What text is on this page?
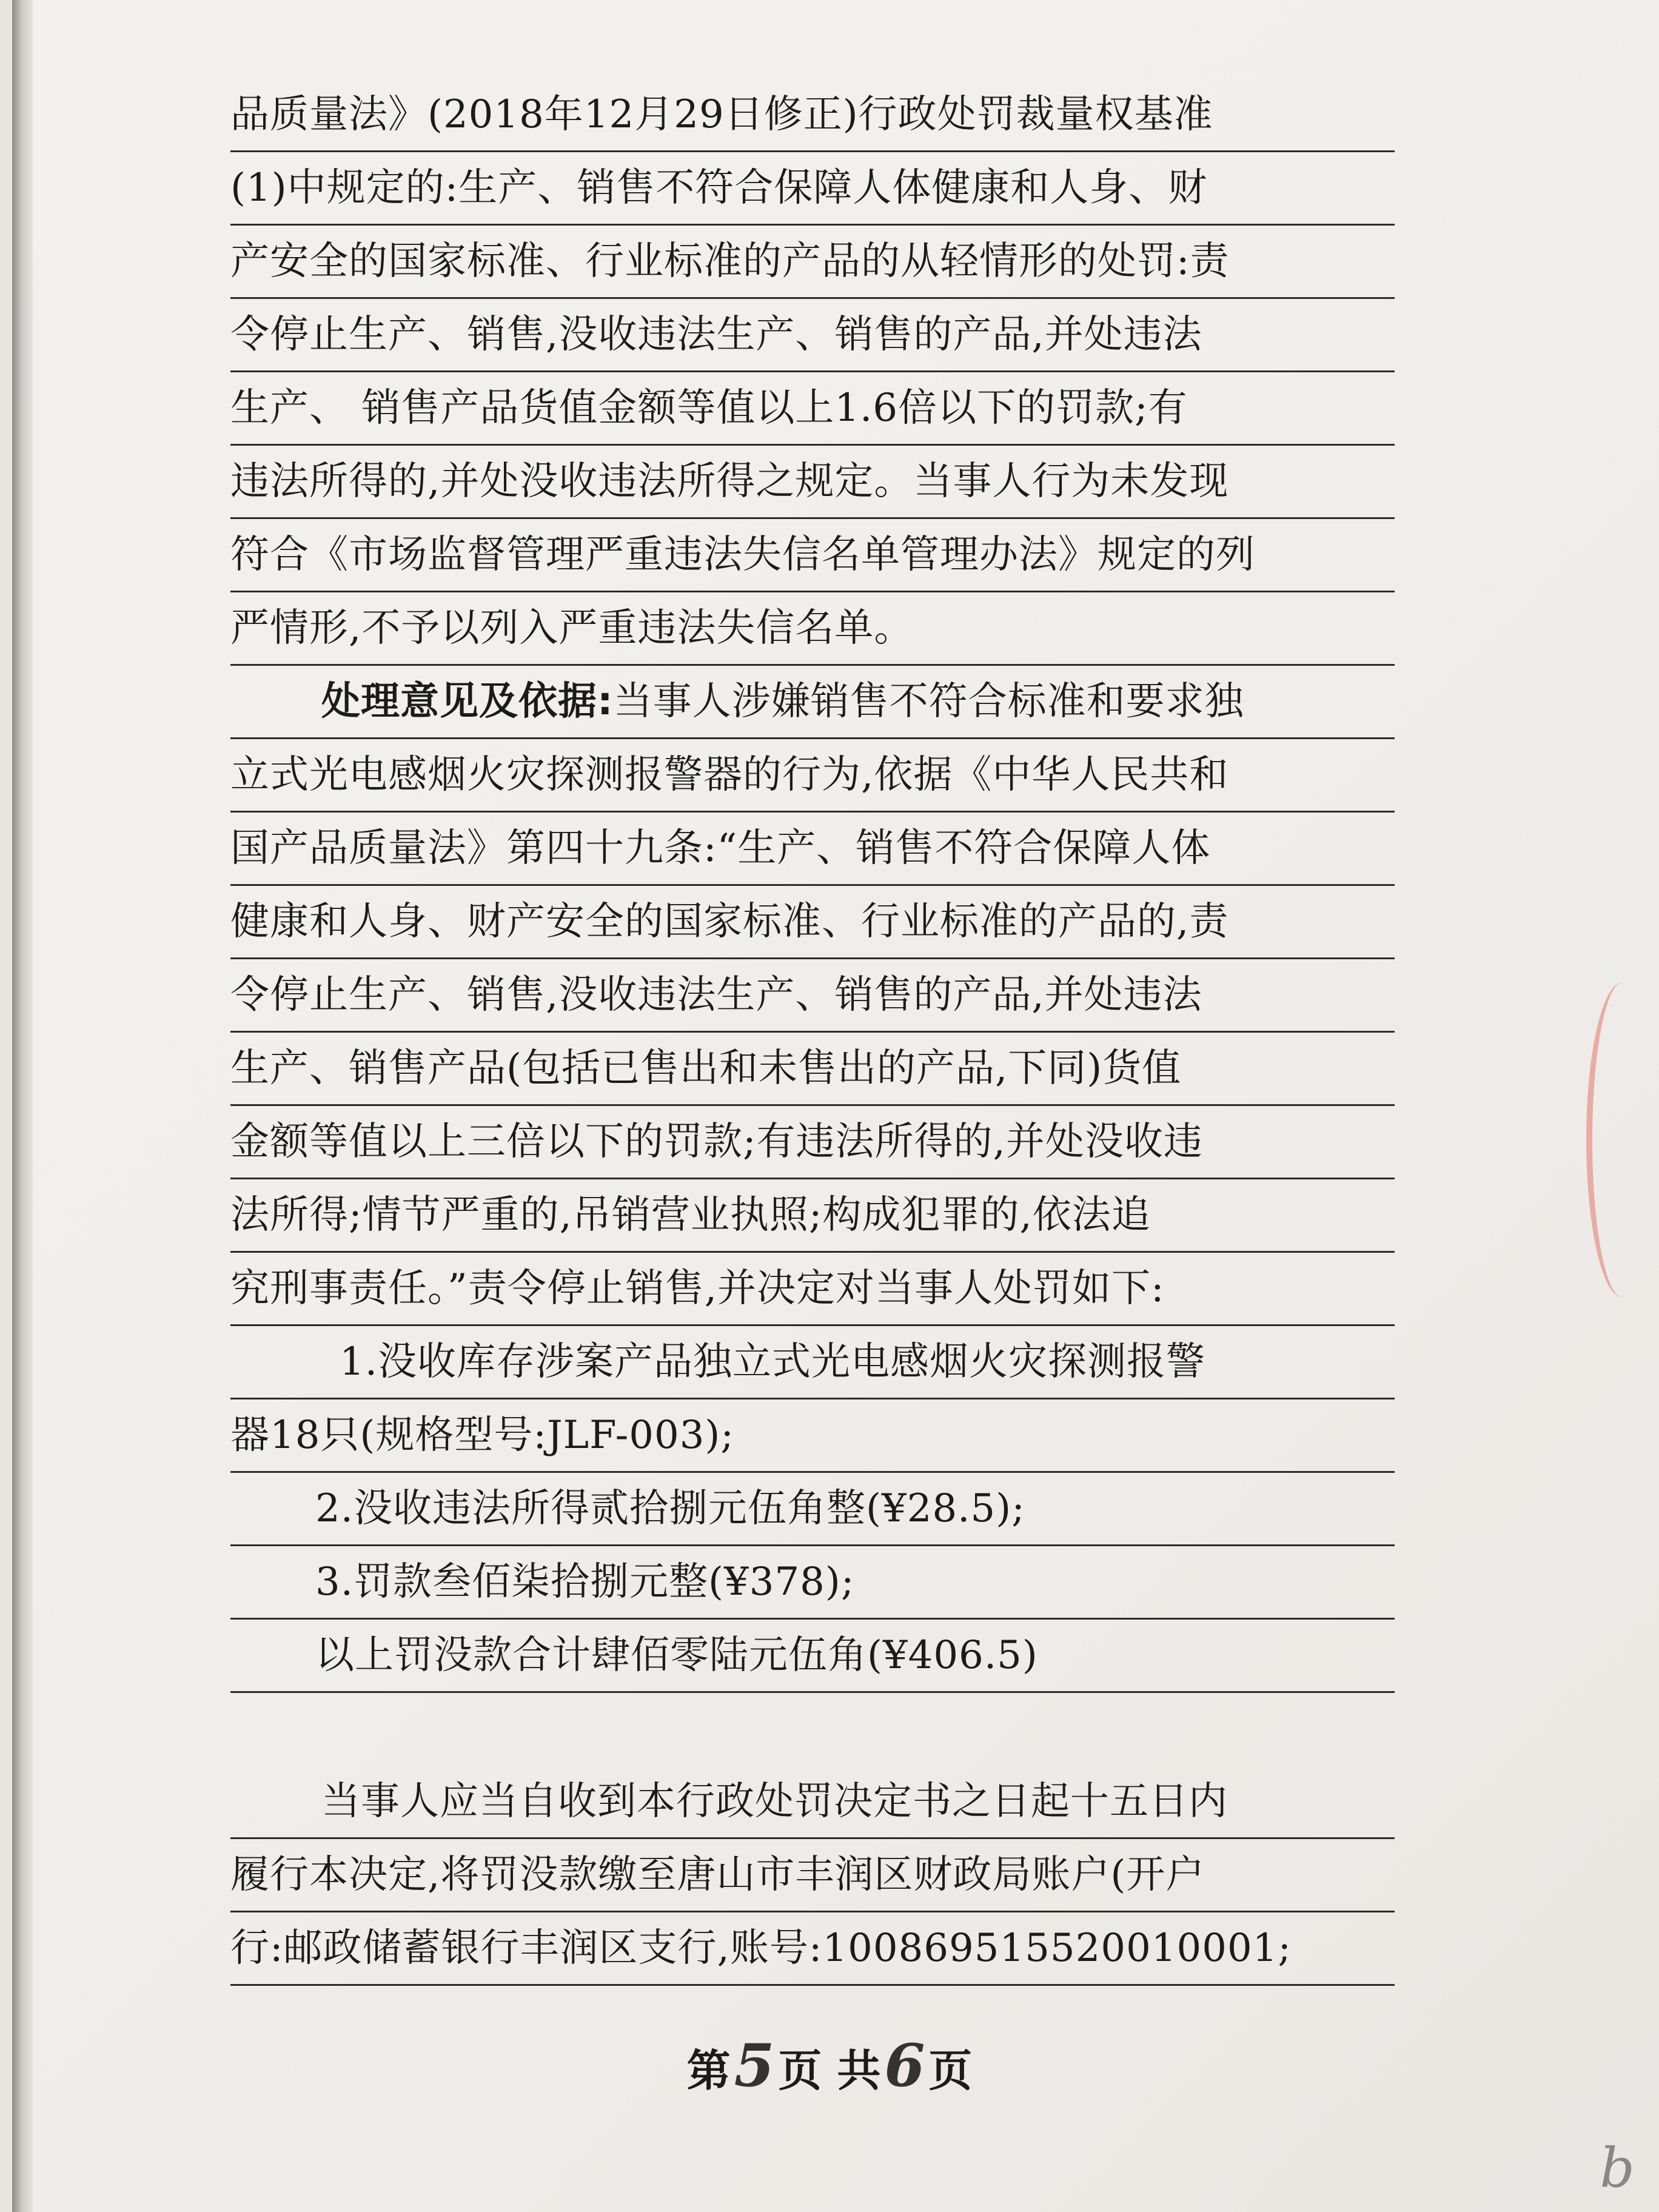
品质量法》(2018年12月29日修正)行政处罚裁量权基准
(1)中规定的:生产、销售不符合保障人体健康和人身、财
产安全的国家标准、行业标准的产品的从轻情形的处罚:责
令停止生产、销售,没收违法生产、销售的产品,并处违法
生产、 销售产品货值金额等值以上1.6倍以下的罚款;有
违法所得的,并处没收违法所得之规定。当事人行为未发现
符合《市场监督管理严重违法失信名单管理办法》规定的列
严情形,不予以列入严重违法失信名单。
处理意见及依据:当事人涉嫌销售不符合标准和要求独
立式光电感烟火灾探测报警器的行为,依据《中华人民共和
国产品质量法》第四十九条:“生产、销售不符合保障人体
健康和人身、财产安全的国家标准、行业标准的产品的,责
令停止生产、销售,没收违法生产、销售的产品,并处违法
生产、销售产品(包括已售出和未售出的产品,下同)货值
金额等值以上三倍以下的罚款;有违法所得的,并处没收违
法所得;情节严重的,吊销营业执照;构成犯罪的,依法追
究刑事责任。”责令停止销售,并决定对当事人处罚如下:
1.没收库存涉案产品独立式光电感烟火灾探测报警
器18只(规格型号:JLF-003);
2.没收违法所得贰拾捌元伍角整(¥28.5);
3.罚款叁佰柒拾捌元整(¥378);
以上罚没款合计肆佰零陆元伍角(¥406.5)
当事人应当自收到本行政处罚决定书之日起十五日内
履行本决定,将罚没款缴至唐山市丰润区财政局账户(开户
行:邮政储蓄银行丰润区支行,账号:100869515520010001;
b
第5页 共6页
